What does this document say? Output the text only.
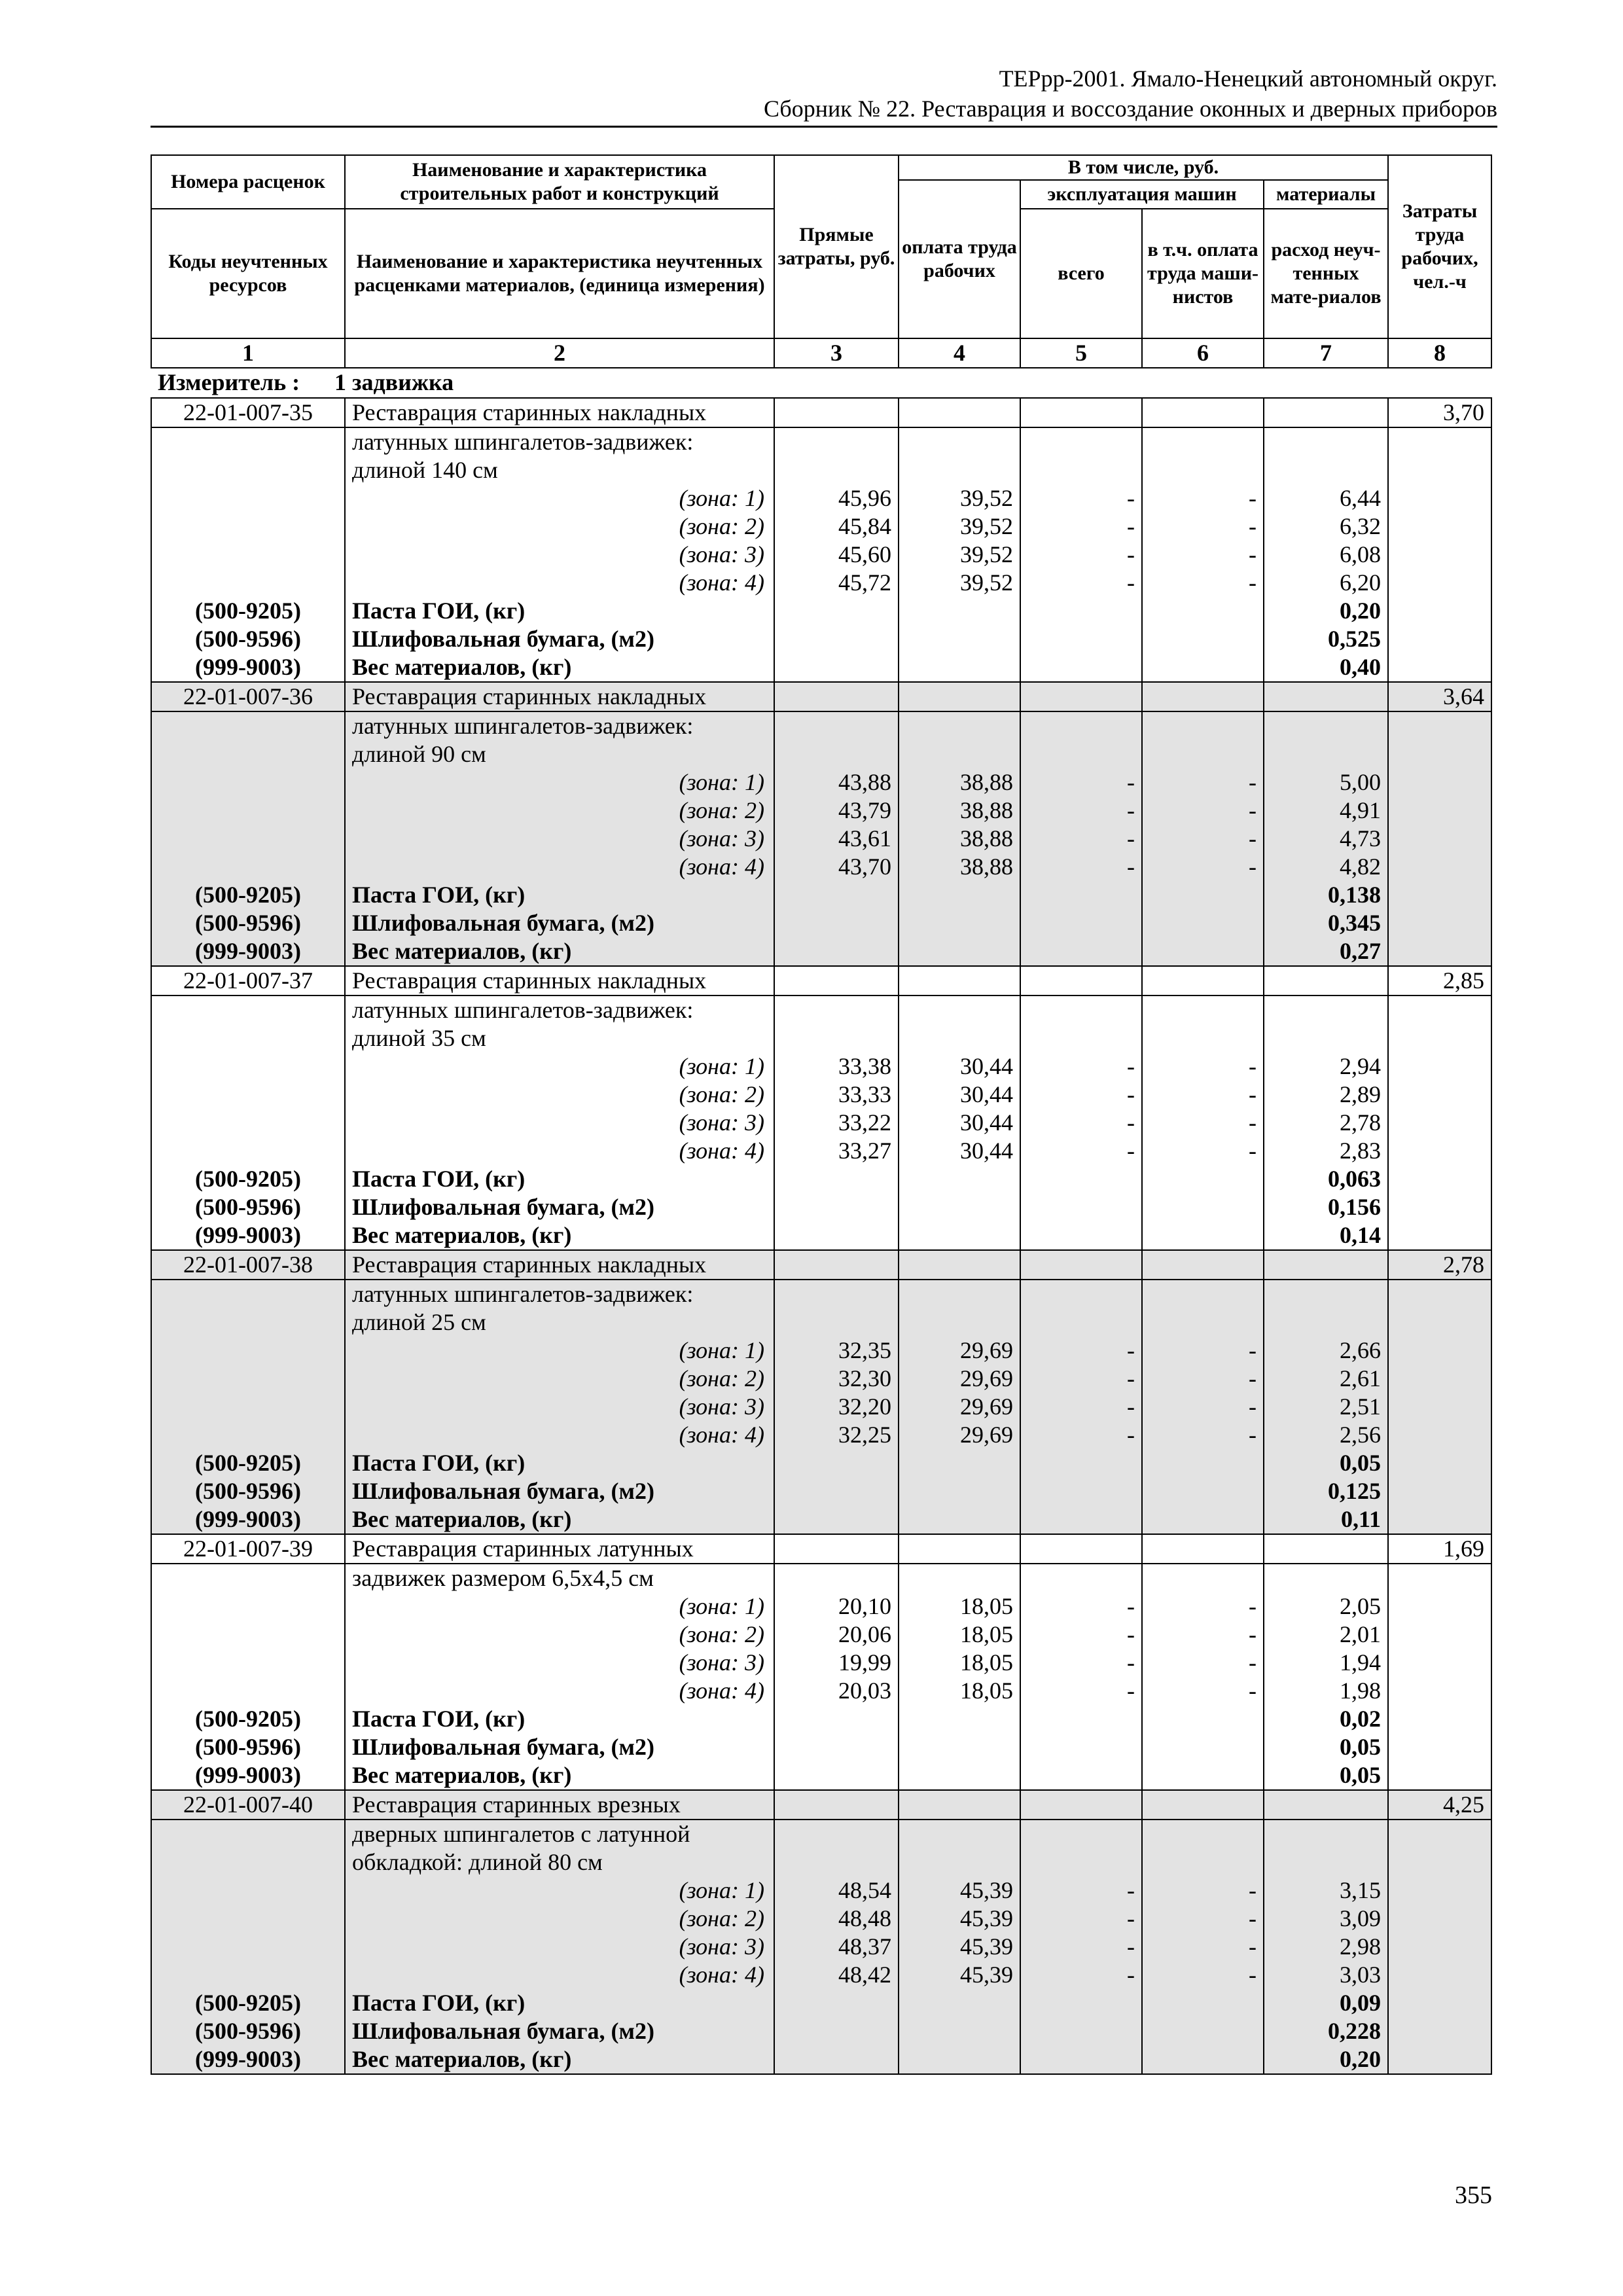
ТЕРрр-2001. Ямало-Ненецкий автономный округ.
Сборник № 22. Реставрация и воссоздание оконных и дверных приборов
Номера расценок	Наименование и характеристика строительных работ и конструкций	Прямые затраты, руб.	В том числе, руб.				Затраты труда рабочих, чел.-ч
			оплата труда рабочих	эксплуатация машин		материалы	
Коды неучтенных ресурсов	Наименование и характеристика неучтенных расценками материалов, (единица измерения)			всего	в т.ч. оплата труда маши-нистов	расход неуч-тенных мате-риалов	
1	2	3	4	5	6	7	8
Измеритель : 1 задвижка							
22-01-007-35	Реставрация старинных накладных						3,70
	латунных шпингалетов-задвижек:						
	длиной 140 см						
	(зона: 1)	45,96	39,52	-	-	6,44	
	(зона: 2)	45,84	39,52	-	-	6,32	
	(зона: 3)	45,60	39,52	-	-	6,08	
	(зона: 4)	45,72	39,52	-	-	6,20	
(500-9205)	Паста ГОИ, (кг)					0,20	
(500-9596)	Шлифовальная бумага, (м2)					0,525	
(999-9003)	Вес материалов, (кг)					0,40	
22-01-007-36	Реставрация старинных накладных						3,64
	латунных шпингалетов-задвижек:						
	длиной 90 см						
	(зона: 1)	43,88	38,88	-	-	5,00	
	(зона: 2)	43,79	38,88	-	-	4,91	
	(зона: 3)	43,61	38,88	-	-	4,73	
	(зона: 4)	43,70	38,88	-	-	4,82	
(500-9205)	Паста ГОИ, (кг)					0,138	
(500-9596)	Шлифовальная бумага, (м2)					0,345	
(999-9003)	Вес материалов, (кг)					0,27	
22-01-007-37	Реставрация старинных накладных						2,85
	латунных шпингалетов-задвижек:						
	длиной 35 см						
	(зона: 1)	33,38	30,44	-	-	2,94	
	(зона: 2)	33,33	30,44	-	-	2,89	
	(зона: 3)	33,22	30,44	-	-	2,78	
	(зона: 4)	33,27	30,44	-	-	2,83	
(500-9205)	Паста ГОИ, (кг)					0,063	
(500-9596)	Шлифовальная бумага, (м2)					0,156	
(999-9003)	Вес материалов, (кг)					0,14	
22-01-007-38	Реставрация старинных накладных						2,78
	латунных шпингалетов-задвижек:						
	длиной 25 см						
	(зона: 1)	32,35	29,69	-	-	2,66	
	(зона: 2)	32,30	29,69	-	-	2,61	
	(зона: 3)	32,20	29,69	-	-	2,51	
	(зона: 4)	32,25	29,69	-	-	2,56	
(500-9205)	Паста ГОИ, (кг)					0,05	
(500-9596)	Шлифовальная бумага, (м2)					0,125	
(999-9003)	Вес материалов, (кг)					0,11	
22-01-007-39	Реставрация старинных латунных						1,69
	задвижек размером 6,5х4,5 см						
	(зона: 1)	20,10	18,05	-	-	2,05	
	(зона: 2)	20,06	18,05	-	-	2,01	
	(зона: 3)	19,99	18,05	-	-	1,94	
	(зона: 4)	20,03	18,05	-	-	1,98	
(500-9205)	Паста ГОИ, (кг)					0,02	
(500-9596)	Шлифовальная бумага, (м2)					0,05	
(999-9003)	Вес материалов, (кг)					0,05	
22-01-007-40	Реставрация старинных врезных						4,25
	дверных шпингалетов с латунной						
	обкладкой: длиной 80 см						
	(зона: 1)	48,54	45,39	-	-	3,15	
	(зона: 2)	48,48	45,39	-	-	3,09	
	(зона: 3)	48,37	45,39	-	-	2,98	
	(зона: 4)	48,42	45,39	-	-	3,03	
(500-9205)	Паста ГОИ, (кг)					0,09	
(500-9596)	Шлифовальная бумага, (м2)					0,228	
(999-9003)	Вес материалов, (кг)					0,20	
355
